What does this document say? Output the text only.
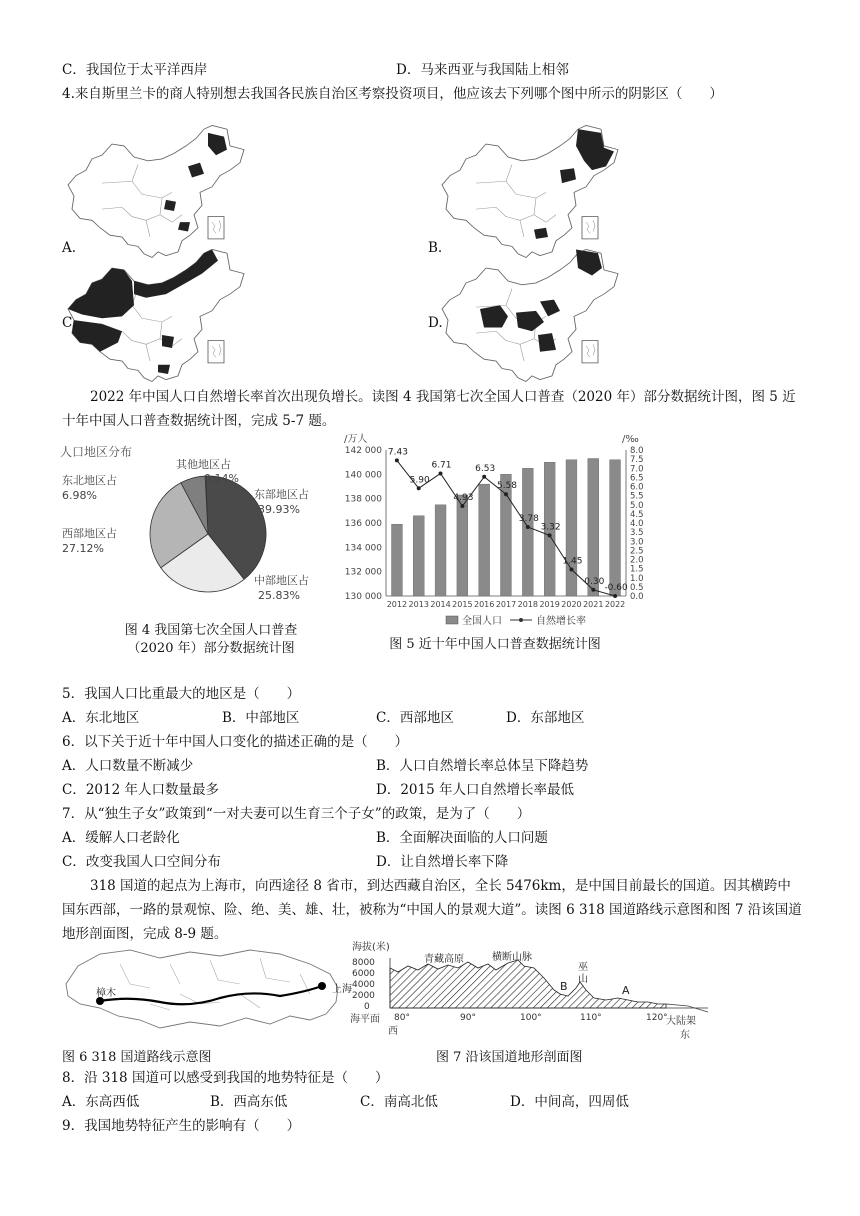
C．我国位于太平洋西岸	D．马来西亚与我国陆上相邻
4.来自斯里兰卡的商人特别想去我国各民族自治区考察投资项目，他应该去下列哪个图中所示的阴影区（　　）
A.	B.
C.	D.
2022 年中国人口自然增长率首次出现负增长。读图 4 我国第七次全国人口普查（2020 年）部分数据统计图，图 5 近十年中国人口普查数据统计图，完成 5-7 题。
人口地区分布
其他地区占
0.14%
东部地区占
39.93%
东北地区占
6.98%
西部地区占
27.12%
中部地区占
25.83%
图 4 我国第七次全国人口普查
（2020 年）部分数据统计图
/万人	/‰
130 000
132 000
134 000
136 000
138 000
140 000
142 000
0.0
0.5
1.0
1.5
2.0
2.5
3.0
3.5
4.0
4.5
5.0
5.5
6.0
6.5
7.0
7.5
8.0
2012 2013 2014 2015 2016 2017 2018 2019 2020 2021 2022
7.43
5.90
6.71
4.93
6.53
5.58
3.78
3.32
1.45
0.30
-0.60
全国人口	自然增长率
图 5 近十年中国人口普查数据统计图
5．我国人口比重最大的地区是（　　）
A．东北地区	B．中部地区	C．西部地区	D．东部地区
6．以下关于近十年中国人口变化的描述正确的是（　　）
A．人口数量不断减少	B．人口自然增长率总体呈下降趋势
C．2012 年人口数量最多	D．2015 年人口自然增长率最低
7．从“独生子女”政策到“一对夫妻可以生育三个子女”的政策，是为了（　　）
A．缓解人口老龄化	B．全面解决面临的人口问题
C．改变我国人口空间分布	D．让自然增长率下降
318 国道的起点为上海市，向西途径 8 省市，到达西藏自治区，全长 5476km，是中国目前最长的国道。因其横跨中国东西部，一路的景观惊、险、绝、美、雄、壮，被称为“中国人的景观大道”。读图 6 318 国道路线示意图和图 7 沿该国道地形剖面图，完成 8-9 题。
樟木	上海
图 6 318 国道路线示意图
海拔(米)
8000
6000
4000
2000
0
青藏高原	横断山脉
巫
山
B	A
海平面 80°	90°	100°	110°	120°
西
大陆架
东
图 7 沿该国道地形剖面图
8．沿 318 国道可以感受到我国的地势特征是（　　）
A．东高西低	B．西高东低	C．南高北低	D．中间高，四周低
9．我国地势特征产生的影响有（　　）
